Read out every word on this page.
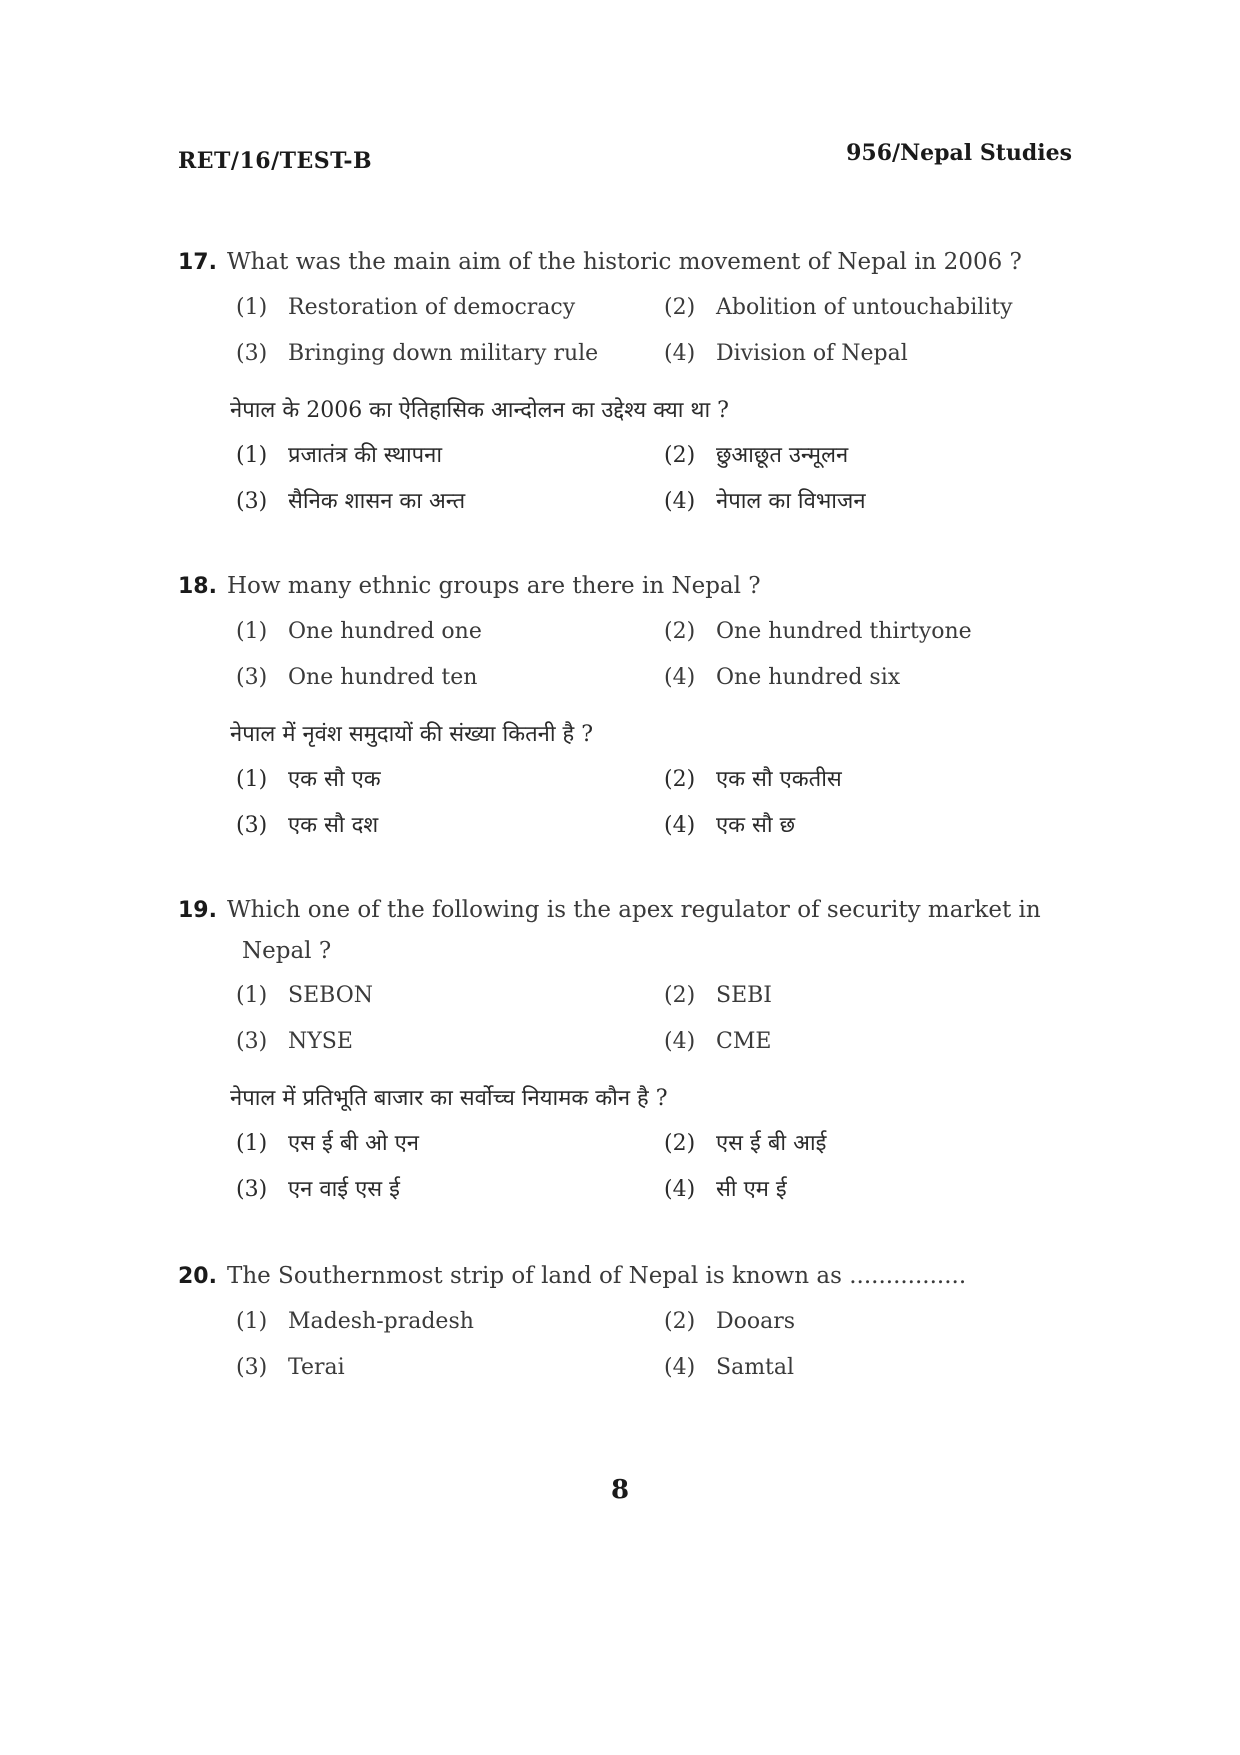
RET/16/TEST-B	956/Nepal Studies
17. What was the main aim of the historic movement of Nepal in 2006 ?
(1) Restoration of democracy	(2) Abolition of untouchability
(3) Bringing down military rule	(4) Division of Nepal
नेपाल के 2006 का ऐतिहासिक आन्दोलन का उद्देश्य क्या था ?
(1) प्रजातंत्र की स्थापना	(2) छुआछूत उन्मूलन
(3) सैनिक शासन का अन्त	(4) नेपाल का विभाजन
18. How many ethnic groups are there in Nepal ?
(1) One hundred one	(2) One hundred thirtyone
(3) One hundred ten	(4) One hundred six
नेपाल में नृवंश समुदायों की संख्या कितनी है ?
(1) एक सौ एक	(2) एक सौ एकतीस
(3) एक सौ दश	(4) एक सौ छ
19. Which one of the following is the apex regulator of security market in
Nepal ?
(1) SEBON	(2) SEBI
(3) NYSE	(4) CME
नेपाल में प्रतिभूति बाजार का सर्वोच्च नियामक कौन है ?
(1) एस ई बी ओ एन	(2) एस ई बी आई
(3) एन वाई एस ई	(4) सी एम ई
20. The Southernmost strip of land of Nepal is known as ................
(1) Madesh-pradesh	(2) Dooars
(3) Terai	(4) Samtal
8
